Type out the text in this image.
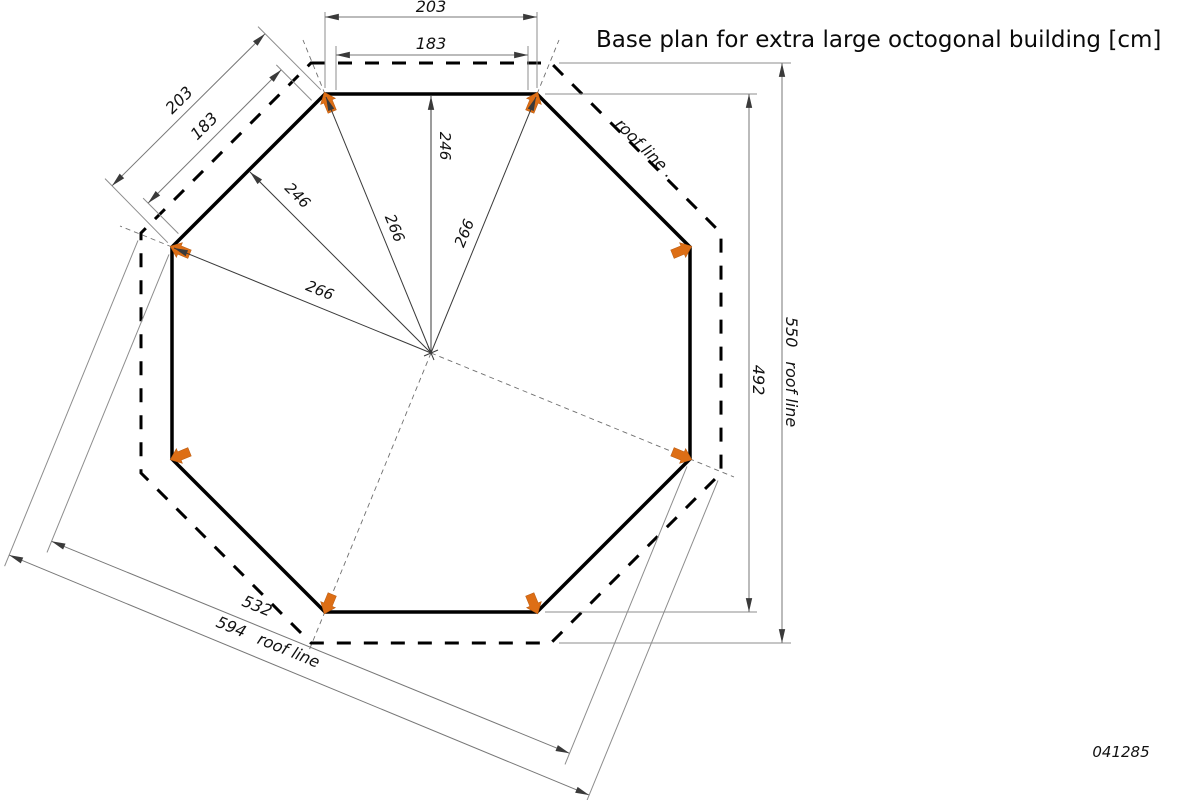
Base plan for extra large octogonal building [cm]
041285
246
246
266
266	266
203
183
203
183
492
550roof line
532
594roof line
roof line .
